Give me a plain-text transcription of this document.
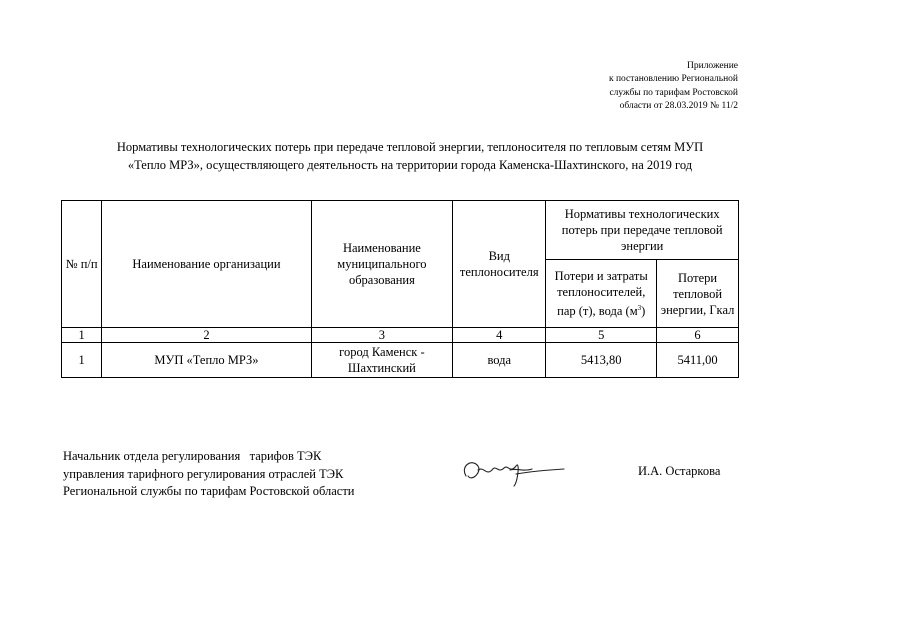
Приложение
к постановлению Региональной
службы по тарифам Ростовской
области от 28.03.2019 № 11/2
Нормативы технологических потерь при передаче тепловой энергии, теплоносителя по тепловым сетям МУП
«Тепло МРЗ», осуществляющего деятельность на территории города Каменска-Шахтинского, на 2019 год
№ п/п	Наименование организации	Наименование муниципального образования	Вид теплоносителя	Нормативы технологических потерь при передаче тепловой энергии	
				Потери и затраты теплоносителей, пар (т), вода $(м^3)$	Потери тепловой энергии, Гкал
1	2	3	4	5	6
1	МУП «Тепло МРЗ»	город Каменск - Шахтинский	вода	5413,80	5411,00
Начальник отдела регулирования   тарифов ТЭК
управления тарифного регулирования отраслей ТЭК
Региональной службы по тарифам Ростовской области
И.А. Остаркова
